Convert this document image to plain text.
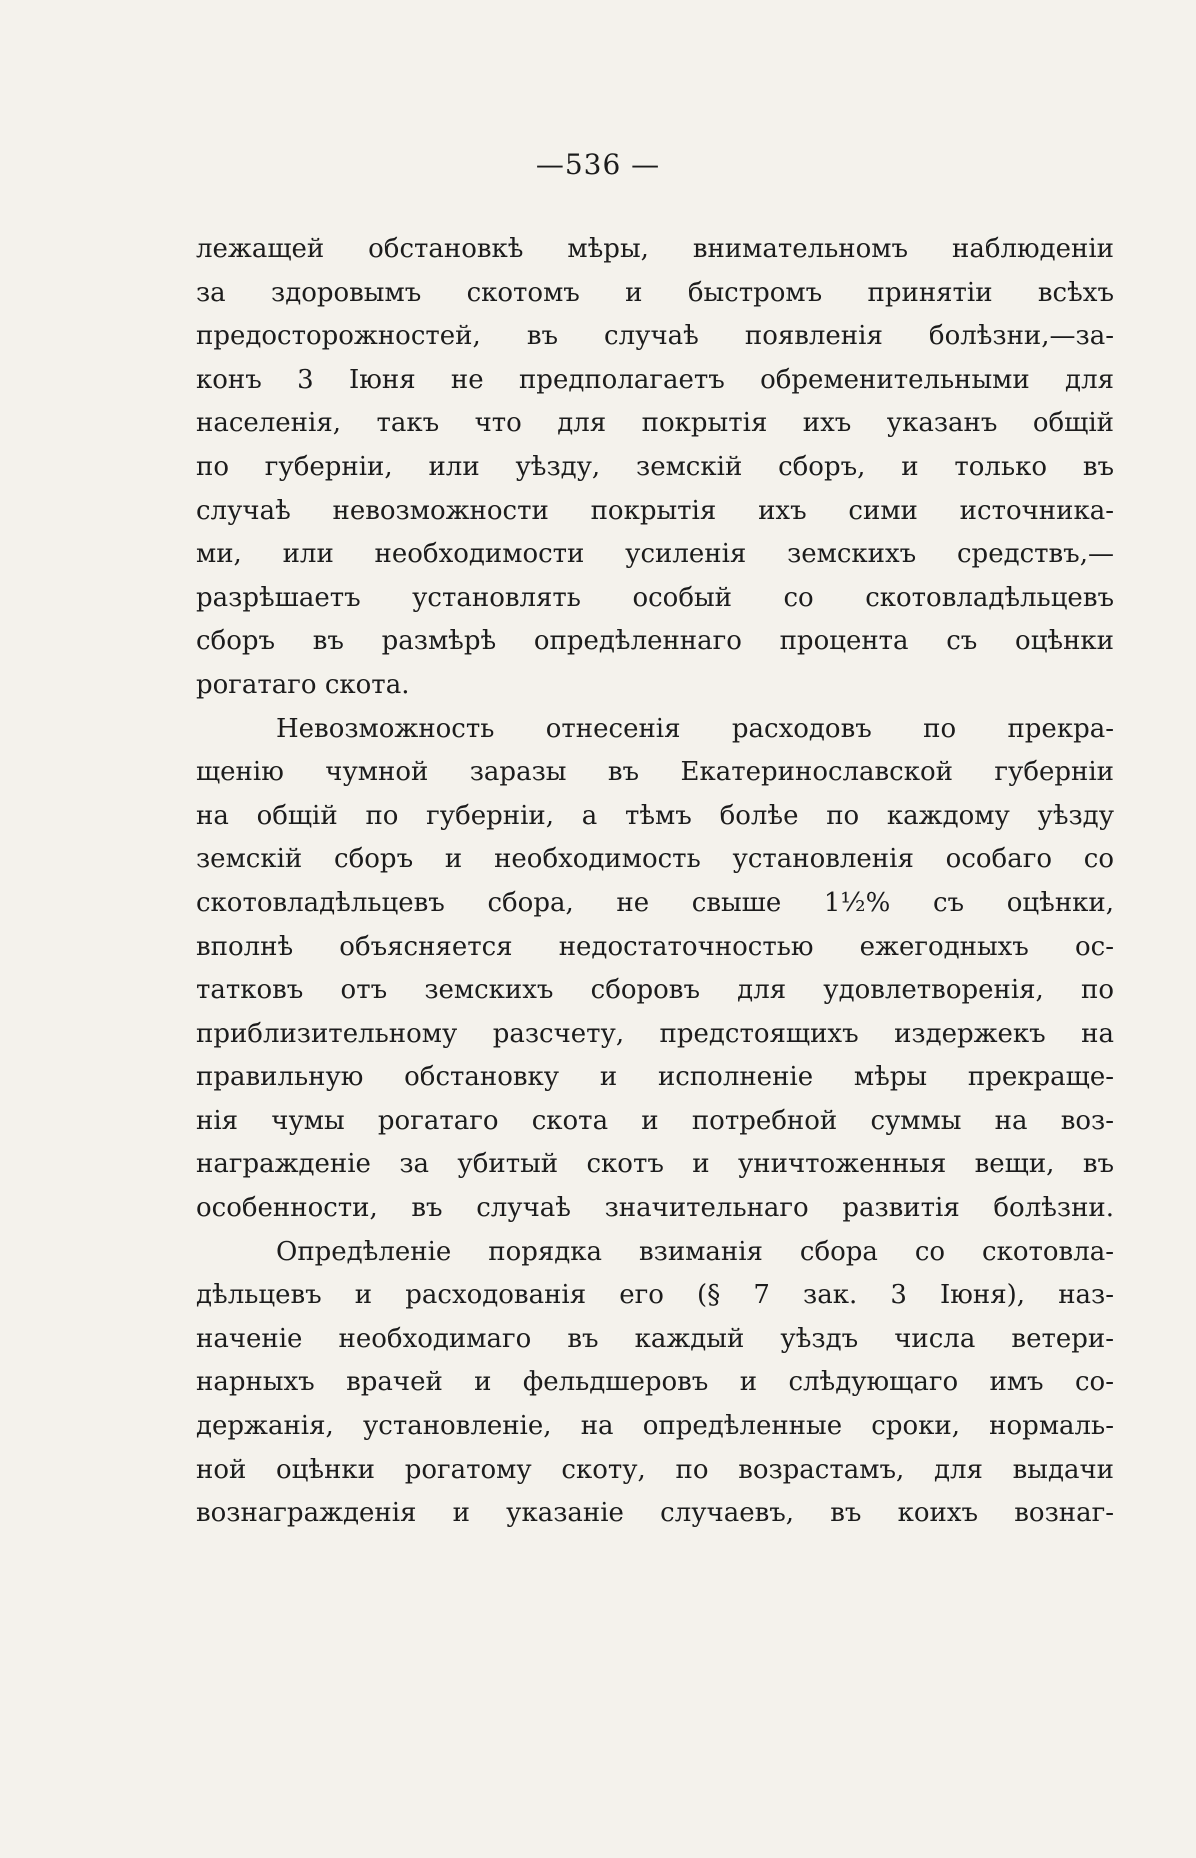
—536 —
лежащей обстановкѣ мѣры, внимательномъ наблюденіи
за здоровымъ скотомъ и быстромъ принятіи всѣхъ
предосторожностей, въ случаѣ появленія болѣзни,—за-
конъ 3 Іюня не предполагаетъ обременительными для
населенія, такъ что для покрытія ихъ указанъ общій
по губерніи, или уѣзду, земскій сборъ, и только въ
случаѣ невозможности покрытія ихъ сими источника-
ми, или необходимости усиленія земскихъ средствъ,—
разрѣшаетъ установлять особый со скотовладѣльцевъ
сборъ въ размѣрѣ опредѣленнаго процента съ оцѣнки
рогатаго скота.
Невозможность отнесенія расходовъ по прекра-
щенію чумной заразы въ Екатеринославской губерніи
на общій по губерніи, а тѣмъ болѣе по каждому уѣзду
земскій сборъ и необходимость установленія особаго со
скотовладѣльцевъ сбора, не свыше 1½% съ оцѣнки,
вполнѣ объясняется недостаточностью ежегодныхъ ос-
татковъ отъ земскихъ сборовъ для удовлетворенія, по
приблизительному разсчету, предстоящихъ издержекъ на
правильную обстановку и исполненіе мѣры прекраще-
нія чумы рогатаго скота и потребной суммы на воз-
награжденіе за убитый скотъ и уничтоженныя вещи, въ
особенности, въ случаѣ значительнаго развитія болѣзни.
Опредѣленіе порядка взиманія сбора со скотовла-
дѣльцевъ и расходованія его (§ 7 зак. 3 Іюня), наз-
наченіе необходимаго въ каждый уѣздъ числа ветери-
нарныхъ врачей и фельдшеровъ и слѣдующаго имъ со-
держанія, установленіе, на опредѣленные сроки, нормаль-
ной оцѣнки рогатому скоту, по возрастамъ, для выдачи
вознагражденія и указаніе случаевъ, въ коихъ вознаг-
